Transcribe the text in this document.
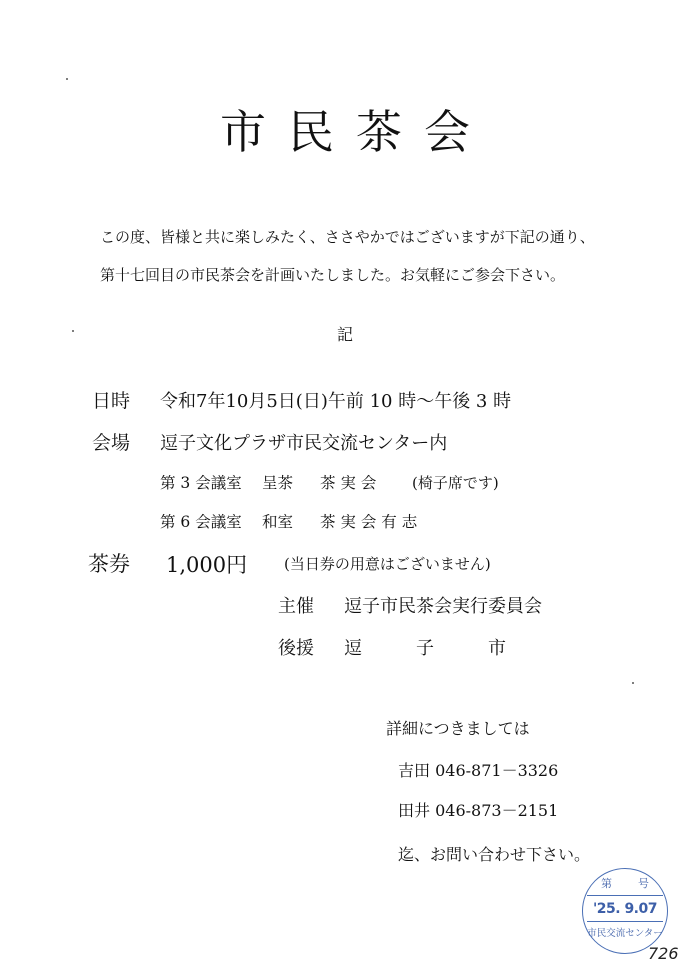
市民茶会
この度、皆様と共に楽しみたく、ささやかではございますが下記の通り、
第十七回目の市民茶会を計画いたしました。お気軽にご参会下さい。
記
日時 令和7年10月5日(日)午前 10 時〜午後 3 時
会場 逗子文化プラザ市民交流センター内
第 3 会議室 呈茶 茶 実 会 (椅子席です)
第 6 会議室 和室 茶 実 会 有 志
茶券 1,000円 (当日券の用意はございません)
主催 逗子市民茶会実行委員会
後援 逗　　　子　　　市
詳細につきましては
吉田 046-871－3326
田井 046-873－2151
迄、お問い合わせ下さい。
第 号
'25. 9.07
市民交流センター
726
